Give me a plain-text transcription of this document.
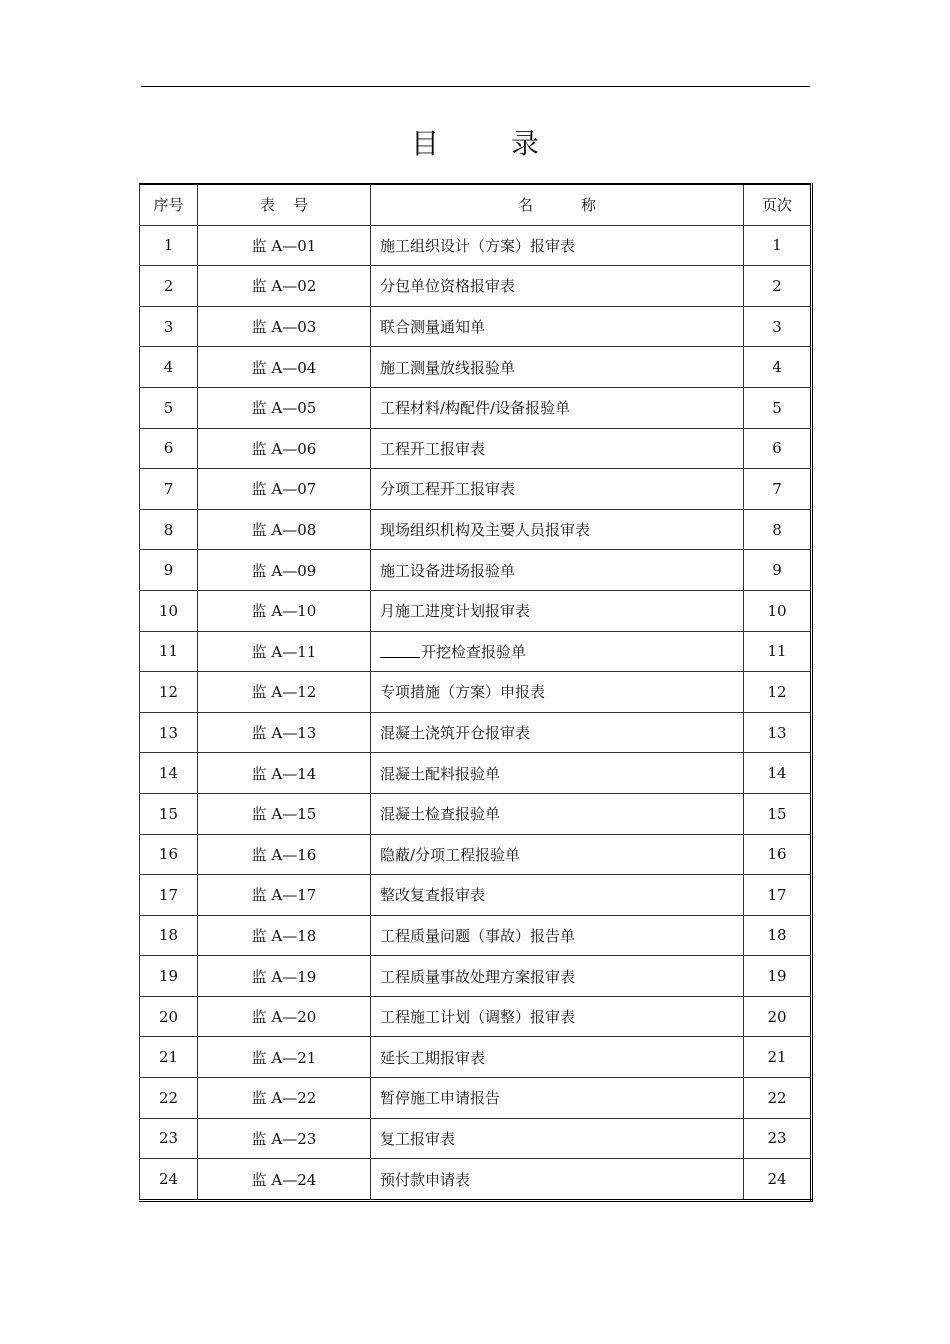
目录
序号	表号	名称	页次
1	监 A—01	施工组织设计（方案）报审表	1
2	监 A—02	分包单位资格报审表	2
3	监 A—03	联合测量通知单	3
4	监 A—04	施工测量放线报验单	4
5	监 A—05	工程材料/构配件/设备报验单	5
6	监 A—06	工程开工报审表	6
7	监 A—07	分项工程开工报审表	7
8	监 A—08	现场组织机构及主要人员报审表	8
9	监 A—09	施工设备进场报验单	9
10	监 A—10	月施工进度计划报审表	10
11	监 A—11	开挖检查报验单	11
12	监 A—12	专项措施（方案）申报表	12
13	监 A—13	混凝土浇筑开仓报审表	13
14	监 A—14	混凝土配料报验单	14
15	监 A—15	混凝土检查报验单	15
16	监 A—16	隐蔽/分项工程报验单	16
17	监 A—17	整改复查报审表	17
18	监 A—18	工程质量问题（事故）报告单	18
19	监 A—19	工程质量事故处理方案报审表	19
20	监 A—20	工程施工计划（调整）报审表	20
21	监 A—21	延长工期报审表	21
22	监 A—22	暂停施工申请报告	22
23	监 A—23	复工报审表	23
24	监 A—24	预付款申请表	24
